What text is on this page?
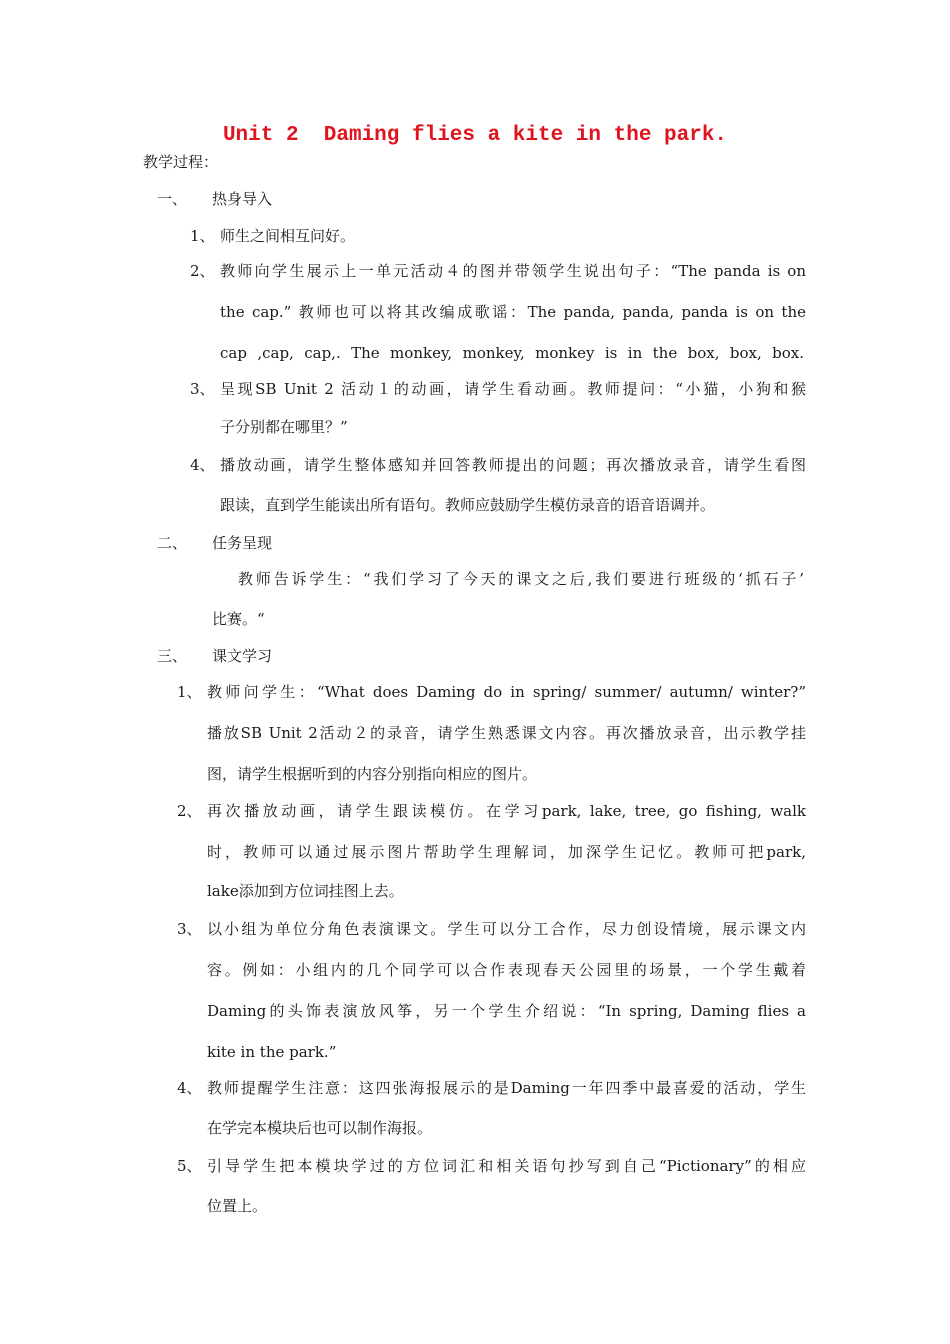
Unit 2  Daming flies a kite in the park.
教学过程：
一、 热身导入
1、 师生之间相互问好。
2、 教师向学生展示上一单元活动４的图并带领学生说出句子：“The panda is on
the cap.” 教师也可以将其改编成歌谣：The panda, panda, panda is on the
cap ,cap, cap,. The monkey, monkey, monkey is in the box, box, box.
3、 呈现SB Unit 2 活动１的动画，请学生看动画。教师提问：“小猫，小狗和猴
子分别都在哪里？”
4、 播放动画，请学生整体感知并回答教师提出的问题；再次播放录音，请学生看图
跟读，直到学生能读出所有语句。教师应鼓励学生模仿录音的语音语调并。
二、 任务呈现
教师告诉学生：“我们学习了今天的课文之后,我们要进行班级的‘抓石子’
比赛。“
三、 课文学习
1、 教师问学生：“What does Daming do in spring/ summer/ autumn/ winter?”
播放SB Unit 2活动２的录音，请学生熟悉课文内容。再次播放录音，出示教学挂
图，请学生根据听到的内容分别指向相应的图片。
2、 再次播放动画，请学生跟读模仿。在学习park, lake, tree, go fishing, walk
时，教师可以通过展示图片帮助学生理解词，加深学生记忆。教师可把park,
lake添加到方位词挂图上去。
3、 以小组为单位分角色表演课文。学生可以分工合作，尽力创设情境，展示课文内
容。例如：小组内的几个同学可以合作表现春天公园里的场景，一个学生戴着
Daming的头饰表演放风筝，另一个学生介绍说：“In spring, Daming flies a
kite in the park.”
4、 教师提醒学生注意：这四张海报展示的是Daming一年四季中最喜爱的活动，学生
在学完本模块后也可以制作海报。
5、 引导学生把本模块学过的方位词汇和相关语句抄写到自己“Pictionary”的相应
位置上。
